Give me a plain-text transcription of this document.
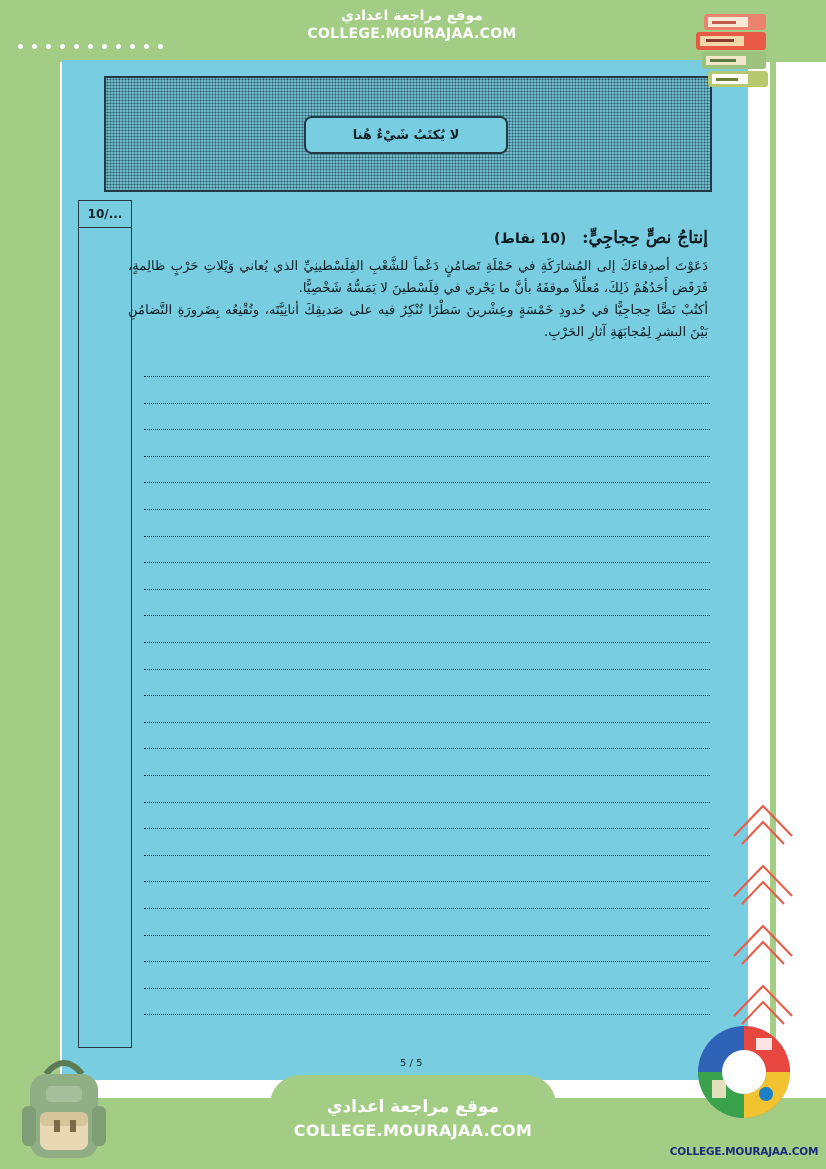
موقع مراجعة اعدادي
COLLEGE.MOURAJAA.COM
لا يُكتَبُ شَيْءٌ هُنا
10/...
إنتاجُ نصٍّ حِجاجِيٍّ: (10 نقاط)

دَعَوْتَ أصدِقاءَكَ إلى المُشارَكَةِ في حَمْلَةِ تَضامُنٍ دَعْماً للشَّعْبِ الفِلَسْطينِيِّ الذي يُعاني وَيْلاتِ حَرْبٍ ظالِمةٍ، فَرَفَض أَحَدُهُمْ ذَلِكَ، مُعلِّلاً موقفَهُ بأنَّ ما يَجْري في فِلَسْطينَ لا يَمَسُّهُ شَخْصِيًّا.

أكتُبْ نَصًّا حِجاجِيًّا في حُدودِ خَمْسَةٍ وعِشْرينَ سَطْرًا تُنْكِرُ فيه على صَديقِكَ أنانِيَّتَه، وتُقْنِعُه بِضَرورَةِ التَّضامُنِ بَيْنَ البشرِ لِمُجابَهَةِ آثارِ الحَرْبِ.

5 / 5
COLLEGE.MOURAJAA.COM
موقع مراجعة اعدادي
COLLEGE.MOURAJAA.COM
